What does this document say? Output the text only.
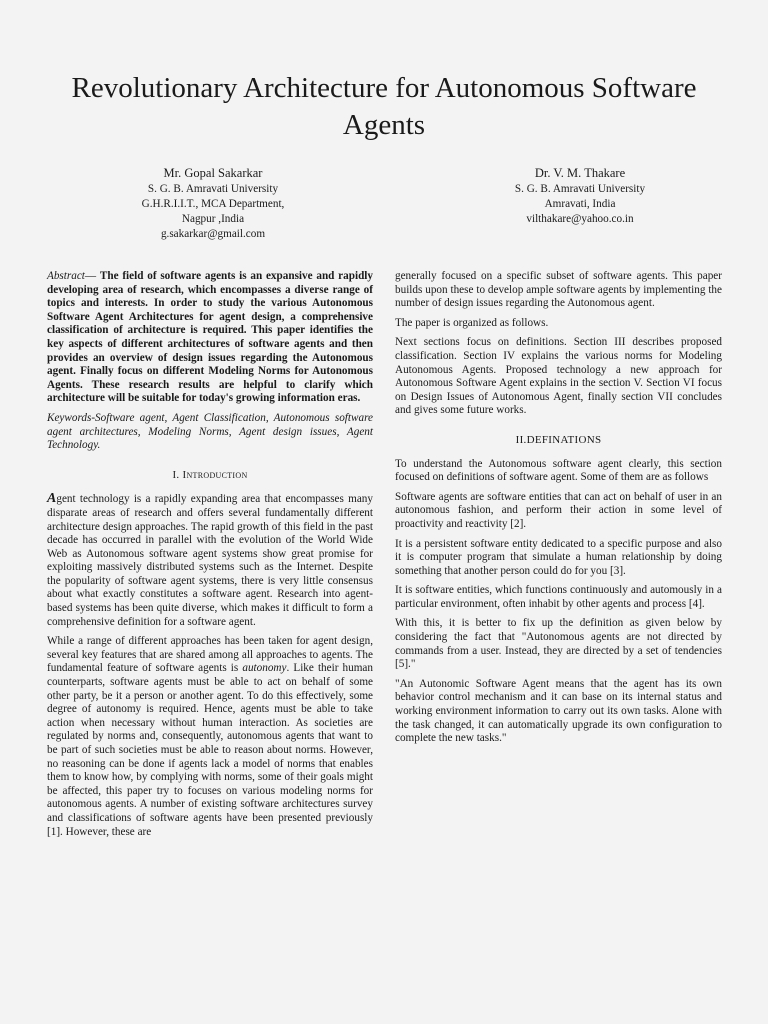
Revolutionary Architecture for Autonomous Software Agents
Mr. Gopal Sakarkar
S. G. B. Amravati University
G.H.R.I.I.T., MCA Department,
Nagpur ,India
g.sakarkar@gmail.com
Dr. V. M. Thakare
S. G. B. Amravati University
Amravati, India
vilthakare@yahoo.co.in

Abstract— The field of software agents is an expansive and rapidly developing area of research, which encompasses a diverse range of topics and interests. In order to study the various Autonomous Software Agent Architectures for agent design, a comprehensive classification of architecture is required. This paper identifies the key aspects of different architectures of software agents and then provides an overview of design issues regarding the Autonomous agent. Finally focus on different Modeling Norms for Autonomous Agents. These research results are helpful to clarify which architecture will be suitable for today's growing information eras.

Keywords-Software agent, Agent Classification, Autonomous software agent architectures, Modeling Norms, Agent design issues, Agent Technology.

I. Introduction

Agent technology is a rapidly expanding area that encompasses many disparate areas of research and offers several fundamentally different architecture design approaches. The rapid growth of this field in the past decade has occurred in parallel with the evolution of the World Wide Web as Autonomous software agent systems show great promise for exploiting massively distributed systems such as the Internet. Despite the popularity of software agent systems, there is very little consensus about what exactly constitutes a software agent. Research into agent-based systems has been quite diverse, which makes it difficult to form a comprehensive definition for a software agent.

While a range of different approaches has been taken for agent design, several key features that are shared among all approaches to agents. The fundamental feature of software agents is autonomy. Like their human counterparts, software agents must be able to act on behalf of some other party, be it a person or another agent. To do this effectively, some degree of autonomy is required. Hence, agents must be able to take action when necessary without human interaction. As societies are regulated by norms and, consequently, autonomous agents that want to be part of such societies must be able to reason about norms. However, no reasoning can be done if agents lack a model of norms that enables them to know how, by complying with norms, some of their goals might be affected, this paper try to focuses on various modeling norms for autonomous agents. A number of existing software architectures survey and classifications of software agents have been presented previously [1]. However, these are

generally focused on a specific subset of software agents. This paper builds upon these to develop ample software agents by implementing the number of design issues regarding the Autonomous agent.

The paper is organized as follows.

Next sections focus on definitions. Section III describes proposed classification. Section IV explains the various norms for Modeling Autonomous Agents. Proposed technology a new approach for Autonomous Software Agent explains in the section V. Section VI focus on Design Issues of Autonomous Agent, finally section VII concludes and gives some future works.

II.DEFINATIONS

To understand the Autonomous software agent clearly, this section focused on definitions of software agent. Some of them are as follows

Software agents are software entities that can act on behalf of user in an autonomous fashion, and perform their action in some level of proactivity and reactivity [2].

It is a persistent software entity dedicated to a specific purpose and also it is computer program that simulate a human relationship by doing something that another person could do for you [3].

It is software entities, which functions continuously and automously in a particular environment, often inhabit by other agents and process [4].

With this, it is better to fix up the definition as given below by considering the fact that "Autonomous agents are not directed by commands from a user. Instead, they are directed by a set of tendencies [5]."

"An Autonomic Software Agent means that the agent has its own behavior control mechanism and it can base on its internal status and working environment information to carry out its own tasks. Alone with the task changed, it can automatically upgrade its own configuration to complete the new tasks."
